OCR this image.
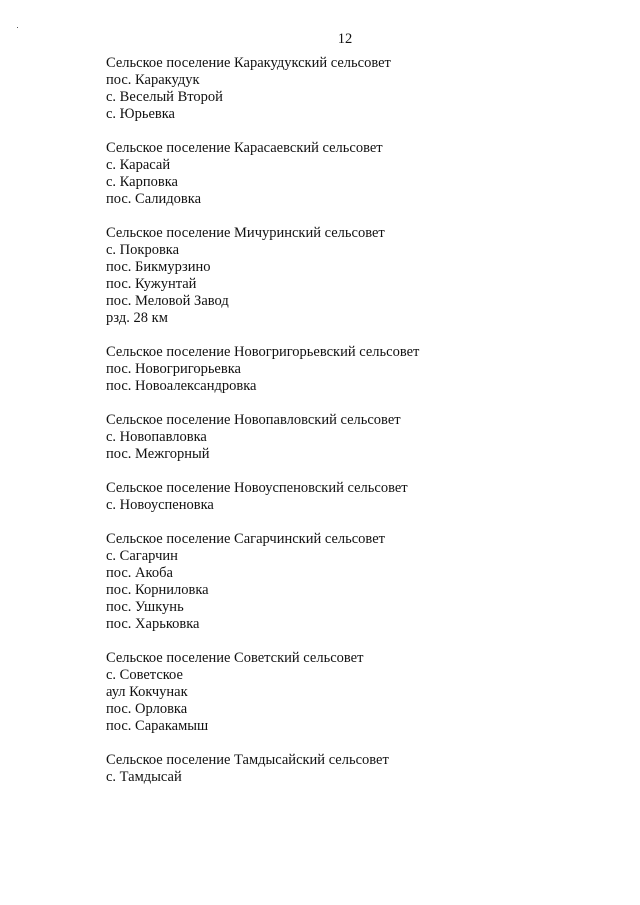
12
Сельское поселение Каракудукский сельсовет
пос. Каракудук
с. Веселый Второй
с. Юрьевка
Сельское поселение Карасаевский сельсовет
с. Карасай
с. Карповка
пос. Салидовка
Сельское поселение Мичуринский сельсовет
с. Покровка
пос. Бикмурзино
пос. Кужунтай
пос. Меловой Завод
рзд. 28 км
Сельское поселение Новогригорьевский сельсовет
пос. Новогригорьевка
пос. Новоалександровка
Сельское поселение Новопавловский сельсовет
с. Новопавловка
пос. Межгорный
Сельское поселение Новоуспеновский сельсовет
с. Новоуспеновка
Сельское поселение Сагарчинский сельсовет
с. Сагарчин
пос. Акоба
пос. Корниловка
пос. Ушкунь
пос. Харьковка
Сельское поселение Советский сельсовет
с. Советское
аул Кокчунак
пос. Орловка
пос. Саракамыш
Сельское поселение Тамдысайский сельсовет
с. Тамдысай
